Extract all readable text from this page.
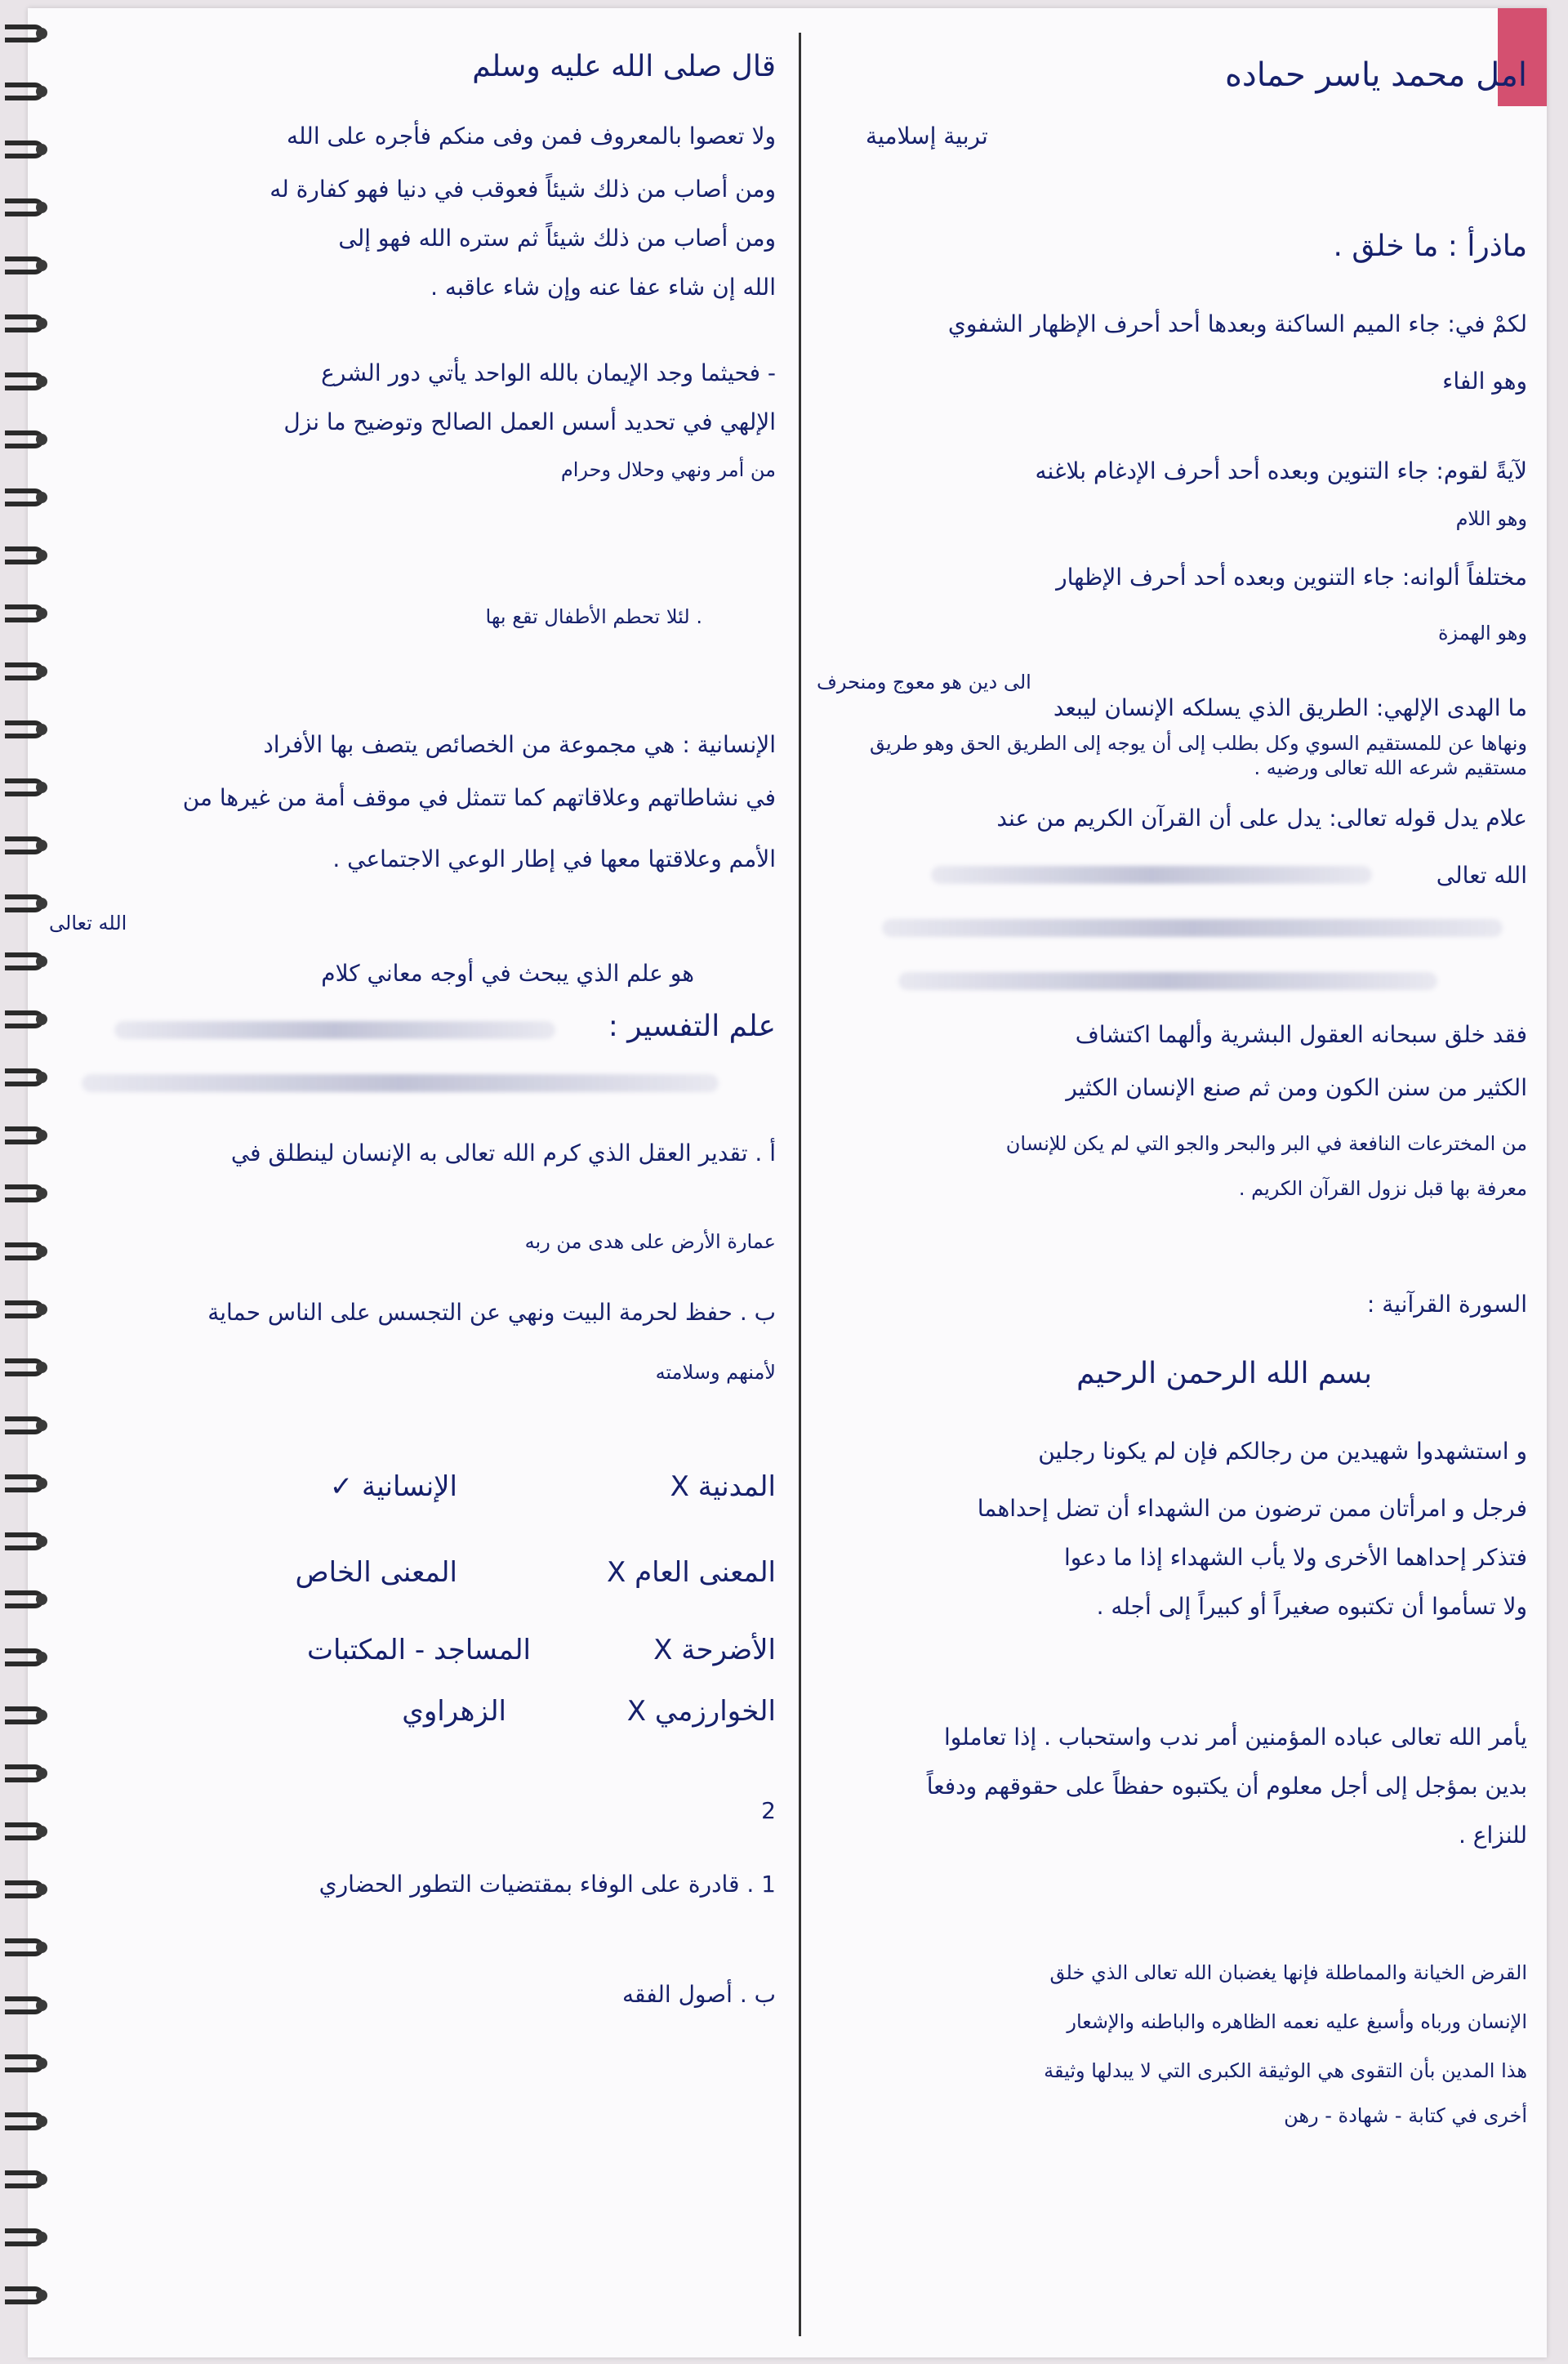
امل محمد ياسر حماده
تربية إسلامية
ماذرأ : ما خلق .
لكمْ في: جاء الميم الساكنة وبعدها أحد أحرف الإظهار الشفوي
وهو الفاء
لآيةً لقوم: جاء التنوين وبعده أحد أحرف الإدغام بلاغنه
وهو اللام
مختلفاً ألوانه: جاء التنوين وبعده أحد أحرف الإظهار
وهو الهمزة
الى دين هو معوج ومنحرف
ما الهدى الإلهي: الطريق الذي يسلكه الإنسان ليبعد
ونهاها عن للمستقيم السوي وكل بطلب إلى أن يوجه إلى الطريق الحق وهو طريق
مستقيم شرعه الله تعالى ورضيه .
علام يدل قوله تعالى: يدل على أن القرآن الكريم من عند
الله تعالى
فقد خلق سبحانه العقول البشرية وألهما اكتشاف
الكثير من سنن الكون ومن ثم صنع الإنسان الكثير
من المخترعات النافعة في البر والبحر والجو التي لم يكن للإنسان
معرفة بها قبل نزول القرآن الكريم .
السورة القرآنية :
بسم الله الرحمن الرحيم
و استشهدوا شهيدين من رجالكم فإن لم يكونا رجلين
فرجل و امرأتان ممن ترضون من الشهداء أن تضل إحداهما
فتذكر إحداهما الأخرى ولا يأب الشهداء إذا ما دعوا
ولا تسأموا أن تكتبوه صغيراً أو كبيراً إلى أجله .
يأمر الله تعالى عباده المؤمنين أمر ندب واستحباب . إذا تعاملوا
بدين بمؤجل إلى أجل معلوم أن يكتبوه حفظاً على حقوقهم ودفعاً
للنزاع .
القرض الخيانة والمماطلة فإنها يغضبان الله تعالى الذي خلق
الإنسان ورباه وأسبغ عليه نعمه الظاهره والباطنه والإشعار
هذا المدين بأن التقوى هي الوثيقة الكبرى التي لا يبدلها وثيقة
أخرى في كتابة - شهادة - رهن
قال صلى الله عليه وسلم
ولا تعصوا بالمعروف فمن وفى منكم فأجره على الله
ومن أصاب من ذلك شيئاً فعوقب في دنيا فهو كفارة له
ومن أصاب من ذلك شيئاً ثم ستره الله فهو إلى
الله إن شاء عفا عنه وإن شاء عاقبه .
- فحيثما وجد الإيمان بالله الواحد يأتي دور الشرع
الإلهي في تحديد أسس العمل الصالح وتوضيح ما نزل
من أمر ونهي وحلال وحرام
. لئلا تحطم الأطفال تقع بها
الإنسانية : هي مجموعة من الخصائص يتصف بها الأفراد
في نشاطاتهم وعلاقاتهم كما تتمثل في موقف أمة من غيرها من
الأمم وعلاقتها معها في إطار الوعي الاجتماعي .
الله تعالى
هو علم الذي يبحث في أوجه معاني كلام
علم التفسير :
أ . تقدير العقل الذي كرم الله تعالى به الإنسان لينطلق في
عمارة الأرض على هدى من ربه
ب . حفظ لحرمة البيت ونهي عن التجسس على الناس حماية
لأمنهم وسلامته
المدنية X
الإنسانية ✓
المعنى العام X
المعنى الخاص
الأضرحة X
المساجد - المكتبات
الخوارزمي X
الزهراوي
2
1 . قادرة على الوفاء بمقتضيات التطور الحضاري
ب . أصول الفقه
